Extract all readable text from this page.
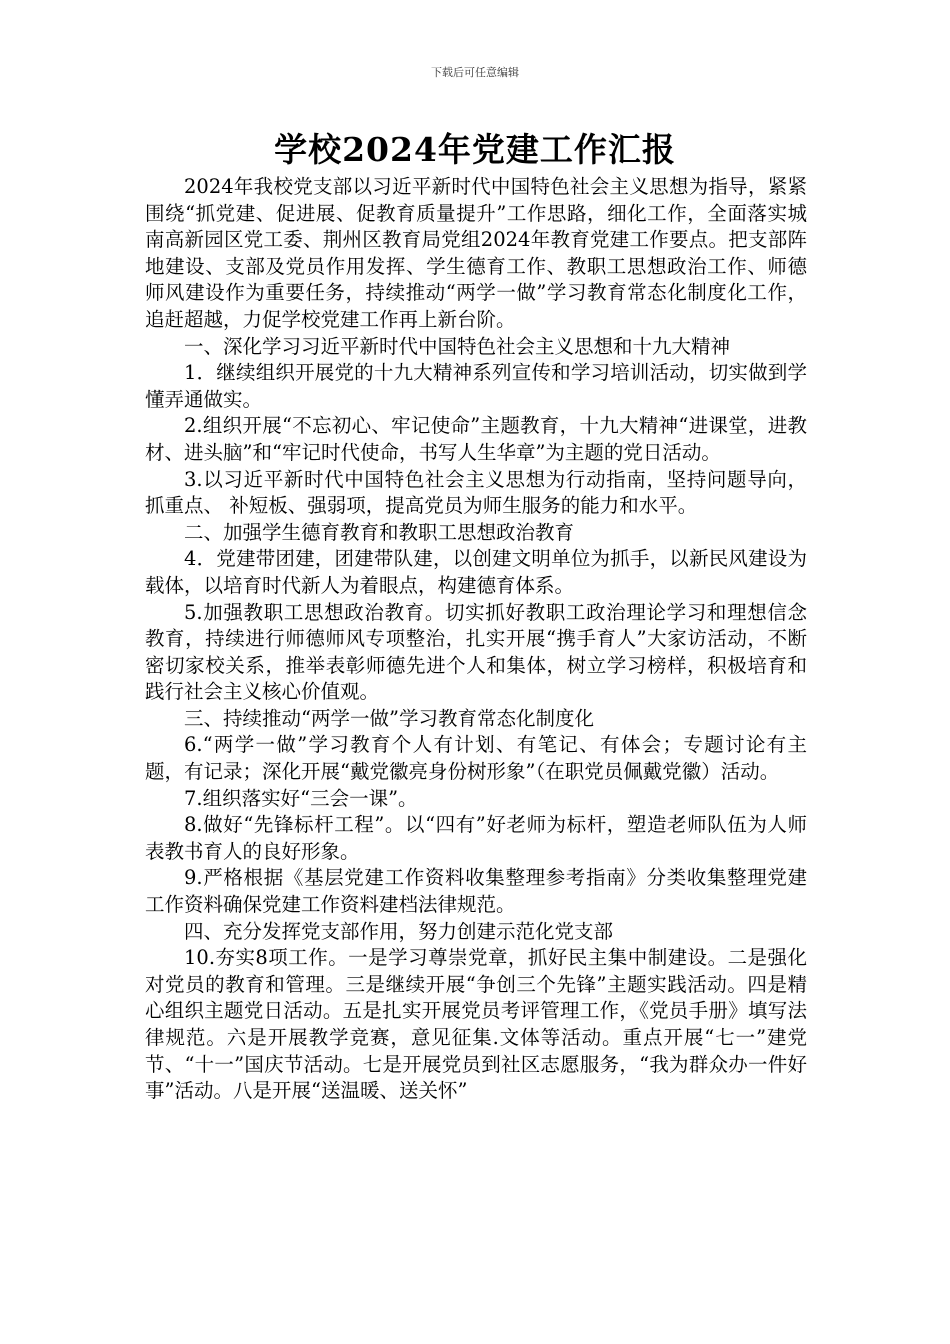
下载后可任意编辑
学校2024年党建工作汇报

2024年我校党支部以习近平新时代中国特色社会主义思想为指导，紧紧围绕“抓党建、促进展、促教育质量提升”工作思路，细化工作，全面落实城南高新园区党工委、荆州区教育局党组2024年教育党建工作要点。把支部阵地建设、支部及党员作用发挥、学生德育工作、教职工思想政治工作、师德师风建设作为重要任务，持续推动“两学一做”学习教育常态化制度化工作，追赶超越，力促学校党建工作再上新台阶。

一、深化学习习近平新时代中国特色社会主义思想和十九大精神

1．继续组织开展党的十九大精神系列宣传和学习培训活动，切实做到学懂弄通做实。

2.组织开展“不忘初心、牢记使命”主题教育，十九大精神“进课堂，进教材、进头脑”和“牢记时代使命，书写人生华章”为主题的党日活动。

3.以习近平新时代中国特色社会主义思想为行动指南，坚持问题导向，抓重点、 补短板、强弱项，提高党员为师生服务的能力和水平。

二、加强学生德育教育和教职工思想政治教育

4．党建带团建，团建带队建，以创建文明单位为抓手，以新民风建设为载体，以培育时代新人为着眼点，构建德育体系。

5.加强教职工思想政治教育。切实抓好教职工政治理论学习和理想信念教育，持续进行师德师风专项整治，扎实开展“携手育人”大家访活动，不断密切家校关系，推举表彰师德先进个人和集体，树立学习榜样，积极培育和践行社会主义核心价值观。

三、持续推动“两学一做”学习教育常态化制度化

6.“两学一做”学习教育个人有计划、有笔记、有体会；专题讨论有主题，有记录；深化开展“戴党徽亮身份树形象”（在职党员佩戴党徽）活动。

7.组织落实好“三会一课”。

8.做好“先锋标杆工程”。以“四有”好老师为标杆，塑造老师队伍为人师表教书育人的良好形象。

9.严格根据《基层党建工作资料收集整理参考指南》分类收集整理党建工作资料确保党建工作资料建档法律规范。

四、充分发挥党支部作用，努力创建示范化党支部

10.夯实8项工作。一是学习尊崇党章，抓好民主集中制建设。二是强化对党员的教育和管理。三是继续开展“争创三个先锋”主题实践活动。四是精心组织主题党日活动。五是扎实开展党员考评管理工作，《党员手册》填写法律规范。六是开展教学竞赛，意见征集.文体等活动。重点开展“七一”建党节、“十一”国庆节活动。七是开展党员到社区志愿服务，“我为群众办一件好事”活动。八是开展“送温暖、送关怀”
